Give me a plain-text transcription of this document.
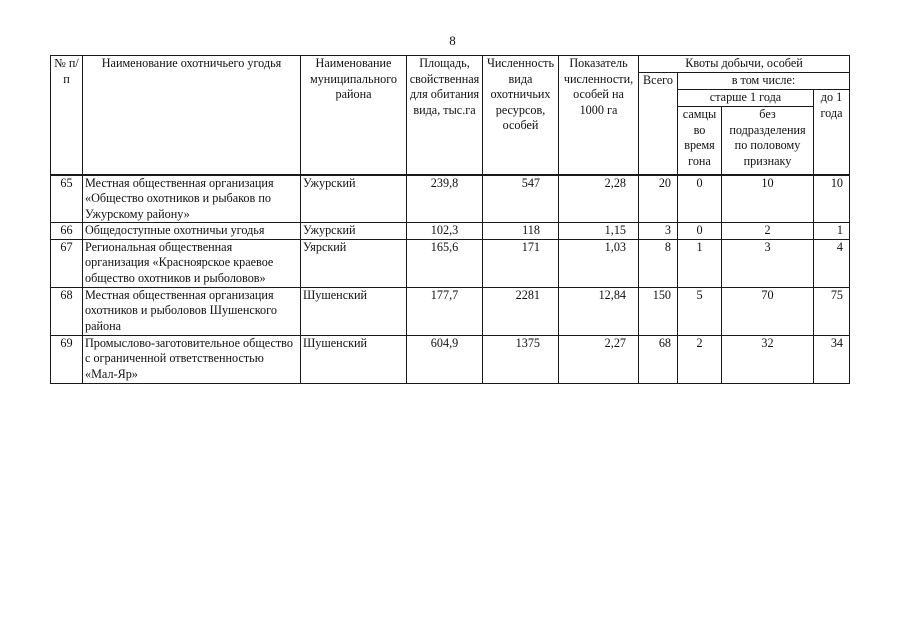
8
№ п/п	Наименование охотничьего угодья	Наименование муниципального района	Площадь, свойственная для обитания вида, тыс.га	Численность вида охотничьих ресурсов, особей	Показатель численности, особей на 1000 га	Квоты добычи, особей			
						Всего	в том числе:		
							старше 1 года		до 1 года
							самцы во время гона	без подразделения по половому признаку	
65	Местная общественная организация «Общество охотников и рыбаков по Ужурскому району»	Ужурский	239,8	547	2,28	20	0	10	10
66	Общедоступные охотничьи угодья	Ужурский	102,3	118	1,15	3	0	2	1
67	Региональная общественная организация «Красноярское краевое общество охотников и рыболовов»	Уярский	165,6	171	1,03	8	1	3	4
68	Местная общественная организация охотников и рыболовов Шушенского района	Шушенский	177,7	2281	12,84	150	5	70	75
69	Промыслово-заготовительное общество с ограниченной ответственностью «Мал-Яр»	Шушенский	604,9	1375	2,27	68	2	32	34
